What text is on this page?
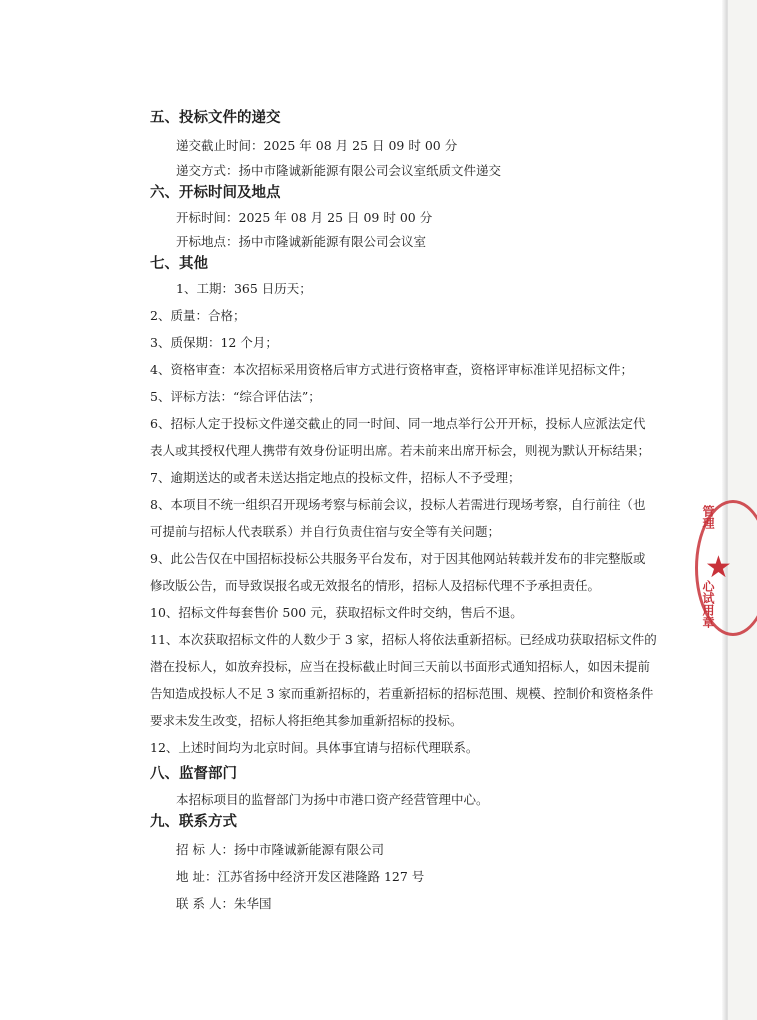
五、投标文件的递交
递交截止时间：2025 年 08 月 25 日 09 时 00 分
递交方式：扬中市隆诚新能源有限公司会议室纸质文件递交
六、开标时间及地点
开标时间：2025 年 08 月 25 日 09 时 00 分
开标地点：扬中市隆诚新能源有限公司会议室
七、其他
1、工期：365 日历天；
2、质量：合格；
3、质保期：12 个月；
4、资格审查：本次招标采用资格后审方式进行资格审查，资格评审标准详见招标文件；
5、评标方法：“综合评估法”；
6、招标人定于投标文件递交截止的同一时间、同一地点举行公开开标，投标人应派法定代
表人或其授权代理人携带有效身份证明出席。若未前来出席开标会，则视为默认开标结果；
7、逾期送达的或者未送达指定地点的投标文件，招标人不予受理；
8、本项目不统一组织召开现场考察与标前会议，投标人若需进行现场考察，自行前往（也
可提前与招标人代表联系）并自行负责住宿与安全等有关问题；
9、此公告仅在中国招标投标公共服务平台发布，对于因其他网站转载并发布的非完整版或
修改版公告，而导致误报名或无效报名的情形，招标人及招标代理不予承担责任。
10、招标文件每套售价 500 元，获取招标文件时交纳，售后不退。
11、本次获取招标文件的人数少于 3 家，招标人将依法重新招标。已经成功获取招标文件的
潜在投标人，如放弃投标，应当在投标截止时间三天前以书面形式通知招标人，如因未提前
告知造成投标人不足 3 家而重新招标的，若重新招标的招标范围、规模、控制价和资格条件
要求未发生改变，招标人将拒绝其参加重新招标的投标。
12、上述时间均为北京时间。具体事宜请与招标代理联系。
八、监督部门
本招标项目的监督部门为扬中市港口资产经营管理中心。
九、联系方式
招 标 人：扬中市隆诚新能源有限公司
地 址：江苏省扬中经济开发区港隆路 127 号
联 系 人：朱华国
管理
★
心试用章
